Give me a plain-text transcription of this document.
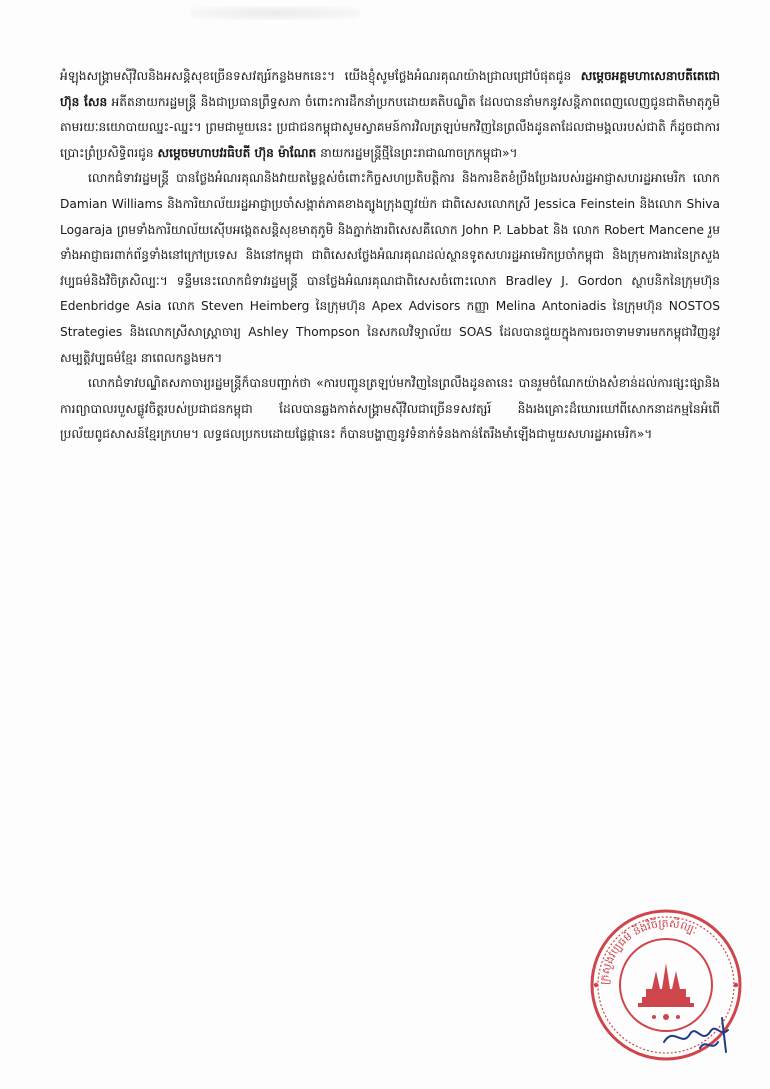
អំឡុងសង្គ្រាមស៊ីវិលនិងអសន្តិសុខច្រើនទសវត្សរ៍កន្លងមកនេះ។ យើងខ្ញុំសូមថ្លែងអំណរគុណយ៉ាងជ្រាលជ្រៅបំផុតជូន សម្តេចអគ្គមហាសេនាបតីតេជោ ហ៊ុន សែន អតីតនាយករដ្ឋមន្ត្រី និងជាប្រធានព្រឹទ្ធសភា ចំពោះការដឹកនាំប្រកបដោយគតិបណ្ឌិត ដែលបាននាំមកនូវសន្តិភាពពេញលេញជូនជាតិមាតុភូមិ តាមរយៈនយោបាយឈ្នះ-ឈ្នះ។ ព្រមជាមួយនេះ ប្រជាជនកម្ពុជាសូមស្វាគមន៍ការវិលត្រឡប់មកវិញនៃព្រលឹងដូនតាដែលជាមង្គលរបស់ជាតិ ក៏ដូចជាការប្រោះព្រំប្រសិទ្ធិពរជូន សម្តេចមហាបវរធិបតី ហ៊ុន ម៉ាណែត នាយករដ្ឋមន្ត្រីថ្មីនៃព្រះរាជាណាចក្រកម្ពុជា»។

លោកជំទាវរដ្ឋមន្ត្រី បានថ្លែងអំណរគុណនិងវាយតម្លៃខ្ពស់ចំពោះកិច្ចសហប្រតិបត្តិការ និងការខិតខំប្រឹងប្រែងរបស់រដ្ឋអាជ្ញាសហរដ្ឋអាមេរិក លោក Damian Williams និងការិយាល័យរដ្ឋអាជ្ញាប្រចាំសង្កាត់ភាគខាងត្បូងក្រុងញូវយ៉ក ជាពិសេសលោកស្រី Jessica Feinstein និងលោក Shiva Logaraja ព្រមទាំងការិយាល័យស៊ើបអង្កេតសន្តិសុខមាតុភូមិ និងភ្នាក់ងារពិសេសគឺលោក John P. Labbat និង លោក Robert Mancene រួមទាំងអាជ្ញាធរពាក់ព័ន្ធទាំងនៅក្រៅប្រទេស និងនៅកម្ពុជា ជាពិសេសថ្លែងអំណរគុណដល់ស្ថានទូតសហរដ្ឋអាមេរិកប្រចាំកម្ពុជា និងក្រុមការងារនៃក្រសួងវប្បធម៌និងវិចិត្រសិល្បៈ។ ទន្ទឹមនេះលោកជំទាវរដ្ឋមន្ត្រី បានថ្លែងអំណរគុណជាពិសេសចំពោះលោក Bradley J. Gordon ស្ថាបនិកនៃក្រុមហ៊ុន Edenbridge Asia លោក Steven Heimberg នៃក្រុមហ៊ុន Apex Advisors កញ្ញា Melina Antoniadis នៃក្រុមហ៊ុន NOSTOS Strategies និងលោកស្រីសាស្ត្រាចារ្យ Ashley Thompson នៃសកលវិទ្យាល័យ SOAS ដែលបានជួយក្នុងការចរចាទាមទារមកកម្ពុជាវិញនូវសម្បត្តិវប្បធម៌ខ្មែរ នាពេលកន្លងមក។

លោកជំទាវបណ្ឌិតសភាចារ្យរដ្ឋមន្ត្រីក៏បានបញ្ជាក់ថា «ការបញ្ជូនត្រឡប់មកវិញនៃព្រលឹងដូនតានេះ បានរួមចំណែកយ៉ាងសំខាន់ដល់ការផ្សះផ្សានិងការព្យាបាលរបួសផ្លូវចិត្តរបស់ប្រជាជនកម្ពុជា ដែលបានឆ្លងកាត់សង្គ្រាមស៊ីវិលជាច្រើនទសវត្សរ៍ និងរងគ្រោះដ៏ឃោរឃៅពីសោកនាដកម្មនៃអំពើប្រល័យពូជសាសន៍ខ្មែរក្រហម។ លទ្ធផលប្រកបដោយផ្លែផ្កានេះ ក៏បានបង្ហាញនូវទំនាក់ទំនងកាន់តែរឹងមាំឡើងជាមួយសហរដ្ឋអាមេរិក»។

ក្រសួងវប្បធម៌ និងវិចិត្រសិល្បៈ
